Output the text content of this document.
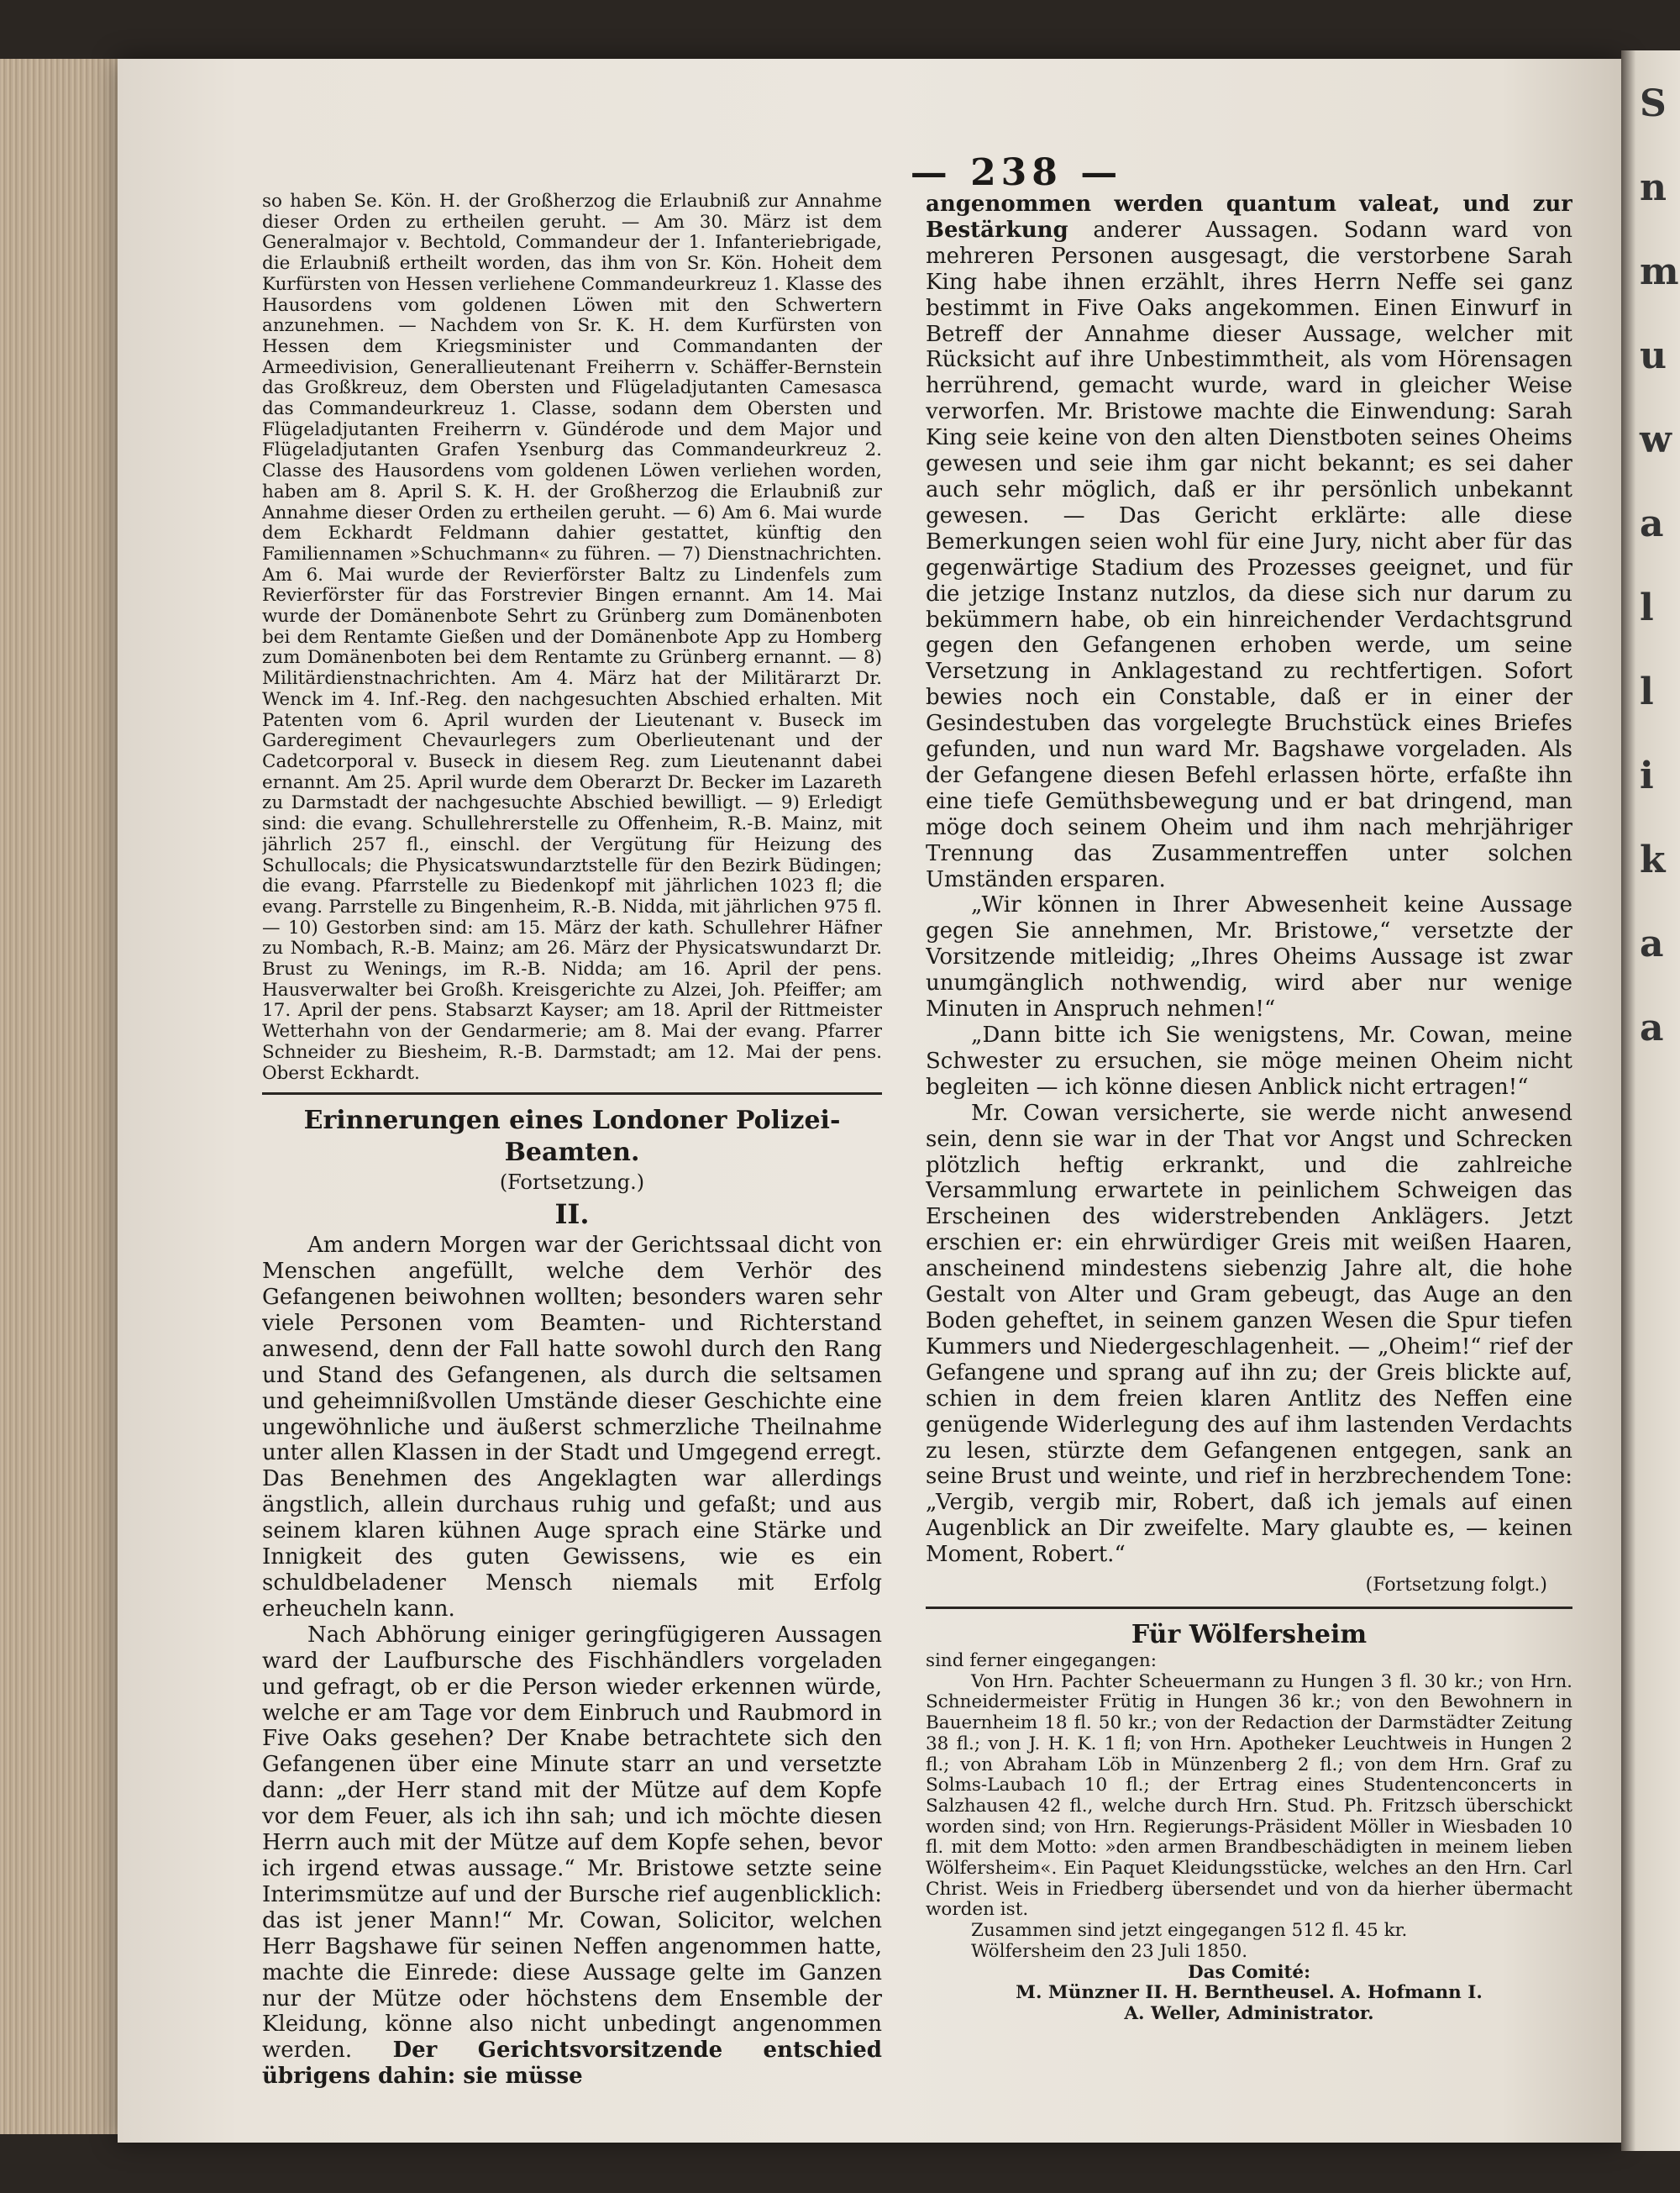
S
n
m
u
w
a
l
l
i
k
a
a
— 238 —

so haben Se. Kön. H. der Großherzog die Erlaubniß zur Annahme dieser Orden zu ertheilen geruht. — Am 30. März ist dem Generalmajor v. Bechtold, Commandeur der 1. Infanteriebrigade, die Erlaubniß ertheilt worden, das ihm von Sr. Kön. Hoheit dem Kurfürsten von Hessen verliehene Commandeurkreuz 1. Klasse des Hausordens vom goldenen Löwen mit den Schwertern anzunehmen. — Nachdem von Sr. K. H. dem Kurfürsten von Hessen dem Kriegsminister und Commandanten der Armeedivision, Generallieutenant Freiherrn v. Schäffer-Bernstein das Großkreuz, dem Obersten und Flügeladjutanten Camesasca das Commandeurkreuz 1. Classe, sodann dem Obersten und Flügeladjutanten Freiherrn v. Gündérode und dem Major und Flügeladjutanten Grafen Ysenburg das Commandeurkreuz 2. Classe des Hausordens vom goldenen Löwen verliehen worden, haben am 8. April S. K. H. der Großherzog die Erlaubniß zur Annahme dieser Orden zu ertheilen geruht. — 6) Am 6. Mai wurde dem Eckhardt Feldmann dahier gestattet, künftig den Familiennamen »Schuchmann« zu führen. — 7) Dienstnachrichten. Am 6. Mai wurde der Revierförster Baltz zu Lindenfels zum Revierförster für das Forstrevier Bingen ernannt. Am 14. Mai wurde der Domänenbote Sehrt zu Grünberg zum Domänenboten bei dem Rentamte Gießen und der Domänenbote App zu Homberg zum Domänenboten bei dem Rentamte zu Grünberg ernannt. — 8) Militärdienstnachrichten. Am 4. März hat der Militärarzt Dr. Wenck im 4. Inf.-Reg. den nachgesuchten Abschied erhalten. Mit Patenten vom 6. April wurden der Lieutenant v. Buseck im Garderegiment Chevaurlegers zum Oberlieutenant und der Cadetcorporal v. Buseck in diesem Reg. zum Lieutenannt dabei ernannt. Am 25. April wurde dem Oberarzt Dr. Becker im Lazareth zu Darmstadt der nachgesuchte Abschied bewilligt. — 9) Erledigt sind: die evang. Schullehrerstelle zu Offenheim, R.-B. Mainz, mit jährlich 257 fl., einschl. der Vergütung für Heizung des Schullocals; die Physicatswundarztstelle für den Bezirk Büdingen; die evang. Pfarrstelle zu Biedenkopf mit jährlichen 1023 fl; die evang. Parrstelle zu Bingenheim, R.-B. Nidda, mit jährlichen 975 fl. — 10) Gestorben sind: am 15. März der kath. Schullehrer Häfner zu Nombach, R.-B. Mainz; am 26. März der Physicatswundarzt Dr. Brust zu Wenings, im R.-B. Nidda; am 16. April der pens. Hausverwalter bei Großh. Kreisgerichte zu Alzei, Joh. Pfeiffer; am 17. April der pens. Stabsarzt Kayser; am 18. April der Rittmeister Wetterhahn von der Gendarmerie; am 8. Mai der evang. Pfarrer Schneider zu Biesheim, R.-B. Darmstadt; am 12. Mai der pens. Oberst Eckhardt.

Erinnerungen eines Londoner Polizei-Beamten.

(Fortsetzung.)

II.

Am andern Morgen war der Gerichtssaal dicht von Menschen angefüllt, welche dem Verhör des Gefangenen beiwohnen wollten; besonders waren sehr viele Personen vom Beamten- und Richterstand anwesend, denn der Fall hatte sowohl durch den Rang und Stand des Gefangenen, als durch die seltsamen und geheimnißvollen Umstände dieser Geschichte eine ungewöhnliche und äußerst schmerzliche Theilnahme unter allen Klassen in der Stadt und Umgegend erregt. Das Benehmen des Angeklagten war allerdings ängstlich, allein durchaus ruhig und gefaßt; und aus seinem klaren kühnen Auge sprach eine Stärke und Innigkeit des guten Gewissens, wie es ein schuldbeladener Mensch niemals mit Erfolg erheucheln kann.

Nach Abhörung einiger geringfügigeren Aussagen ward der Laufbursche des Fischhändlers vorgeladen und gefragt, ob er die Person wieder erkennen würde, welche er am Tage vor dem Einbruch und Raubmord in Five Oaks gesehen? Der Knabe betrachtete sich den Gefangenen über eine Minute starr an und versetzte dann: „der Herr stand mit der Mütze auf dem Kopfe vor dem Feuer, als ich ihn sah; und ich möchte diesen Herrn auch mit der Mütze auf dem Kopfe sehen, bevor ich irgend etwas aussage.“ Mr. Bristowe setzte seine Interimsmütze auf und der Bursche rief augenblicklich: das ist jener Mann!“ Mr. Cowan, Solicitor, welchen Herr Bagshawe für seinen Neffen angenommen hatte, machte die Einrede: diese Aussage gelte im Ganzen nur der Mütze oder höchstens dem Ensemble der Kleidung, könne also nicht unbedingt angenommen werden. Der Gerichtsvorsitzende entschied übrigens dahin: sie müsse

angenommen werden quantum valeat, und zur Bestärkung anderer Aussagen. Sodann ward von mehreren Personen ausgesagt, die verstorbene Sarah King habe ihnen erzählt, ihres Herrn Neffe sei ganz bestimmt in Five Oaks angekommen. Einen Einwurf in Betreff der Annahme dieser Aussage, welcher mit Rücksicht auf ihre Unbestimmtheit, als vom Hörensagen herrührend, gemacht wurde, ward in gleicher Weise verworfen. Mr. Bristowe machte die Einwendung: Sarah King seie keine von den alten Dienstboten seines Oheims gewesen und seie ihm gar nicht bekannt; es sei daher auch sehr möglich, daß er ihr persönlich unbekannt gewesen. — Das Gericht erklärte: alle diese Bemerkungen seien wohl für eine Jury, nicht aber für das gegenwärtige Stadium des Prozesses geeignet, und für die jetzige Instanz nutzlos, da diese sich nur darum zu bekümmern habe, ob ein hinreichender Verdachtsgrund gegen den Gefangenen erhoben werde, um seine Versetzung in Anklagestand zu rechtfertigen. Sofort bewies noch ein Constable, daß er in einer der Gesindestuben das vorgelegte Bruchstück eines Briefes gefunden, und nun ward Mr. Bagshawe vorgeladen. Als der Gefangene diesen Befehl erlassen hörte, erfaßte ihn eine tiefe Gemüthsbewegung und er bat dringend, man möge doch seinem Oheim und ihm nach mehrjähriger Trennung das Zusammentreffen unter solchen Umständen ersparen.

„Wir können in Ihrer Abwesenheit keine Aussage gegen Sie annehmen, Mr. Bristowe,“ versetzte der Vorsitzende mitleidig; „Ihres Oheims Aussage ist zwar unumgänglich nothwendig, wird aber nur wenige Minuten in Anspruch nehmen!“

„Dann bitte ich Sie wenigstens, Mr. Cowan, meine Schwester zu ersuchen, sie möge meinen Oheim nicht begleiten — ich könne diesen Anblick nicht ertragen!“

Mr. Cowan versicherte, sie werde nicht anwesend sein, denn sie war in der That vor Angst und Schrecken plötzlich heftig erkrankt, und die zahlreiche Versammlung erwartete in peinlichem Schweigen das Erscheinen des widerstrebenden Anklägers. Jetzt erschien er: ein ehrwürdiger Greis mit weißen Haaren, anscheinend mindestens siebenzig Jahre alt, die hohe Gestalt von Alter und Gram gebeugt, das Auge an den Boden geheftet, in seinem ganzen Wesen die Spur tiefen Kummers und Niedergeschlagenheit. — „Oheim!“ rief der Gefangene und sprang auf ihn zu; der Greis blickte auf, schien in dem freien klaren Antlitz des Neffen eine genügende Widerlegung des auf ihm lastenden Verdachts zu lesen, stürzte dem Gefangenen entgegen, sank an seine Brust und weinte, und rief in herzbrechendem Tone: „Vergib, vergib mir, Robert, daß ich jemals auf einen Augenblick an Dir zweifelte. Mary glaubte es, — keinen Moment, Robert.“

(Fortsetzung folgt.)

Für Wölfersheim

sind ferner eingegangen:

Von Hrn. Pachter Scheuermann zu Hungen 3 fl. 30 kr.; von Hrn. Schneidermeister Frütig in Hungen 36 kr.; von den Bewohnern in Bauernheim 18 fl. 50 kr.; von der Redaction der Darmstädter Zeitung 38 fl.; von J. H. K. 1 fl; von Hrn. Apotheker Leuchtweis in Hungen 2 fl.; von Abraham Löb in Münzenberg 2 fl.; von dem Hrn. Graf zu Solms-Laubach 10 fl.; der Ertrag eines Studentenconcerts in Salzhausen 42 fl., welche durch Hrn. Stud. Ph. Fritzsch überschickt worden sind; von Hrn. Regierungs-Präsident Möller in Wiesbaden 10 fl. mit dem Motto: »den armen Brandbeschädigten in meinem lieben Wölfersheim«. Ein Paquet Kleidungsstücke, welches an den Hrn. Carl Christ. Weis in Friedberg übersendet und von da hierher übermacht worden ist.

Zusammen sind jetzt eingegangen 512 fl. 45 kr.

Wölfersheim den 23 Juli 1850.

Das Comité:

M. Münzner II. H. Berntheusel. A. Hofmann I.

A. Weller, Administrator.
